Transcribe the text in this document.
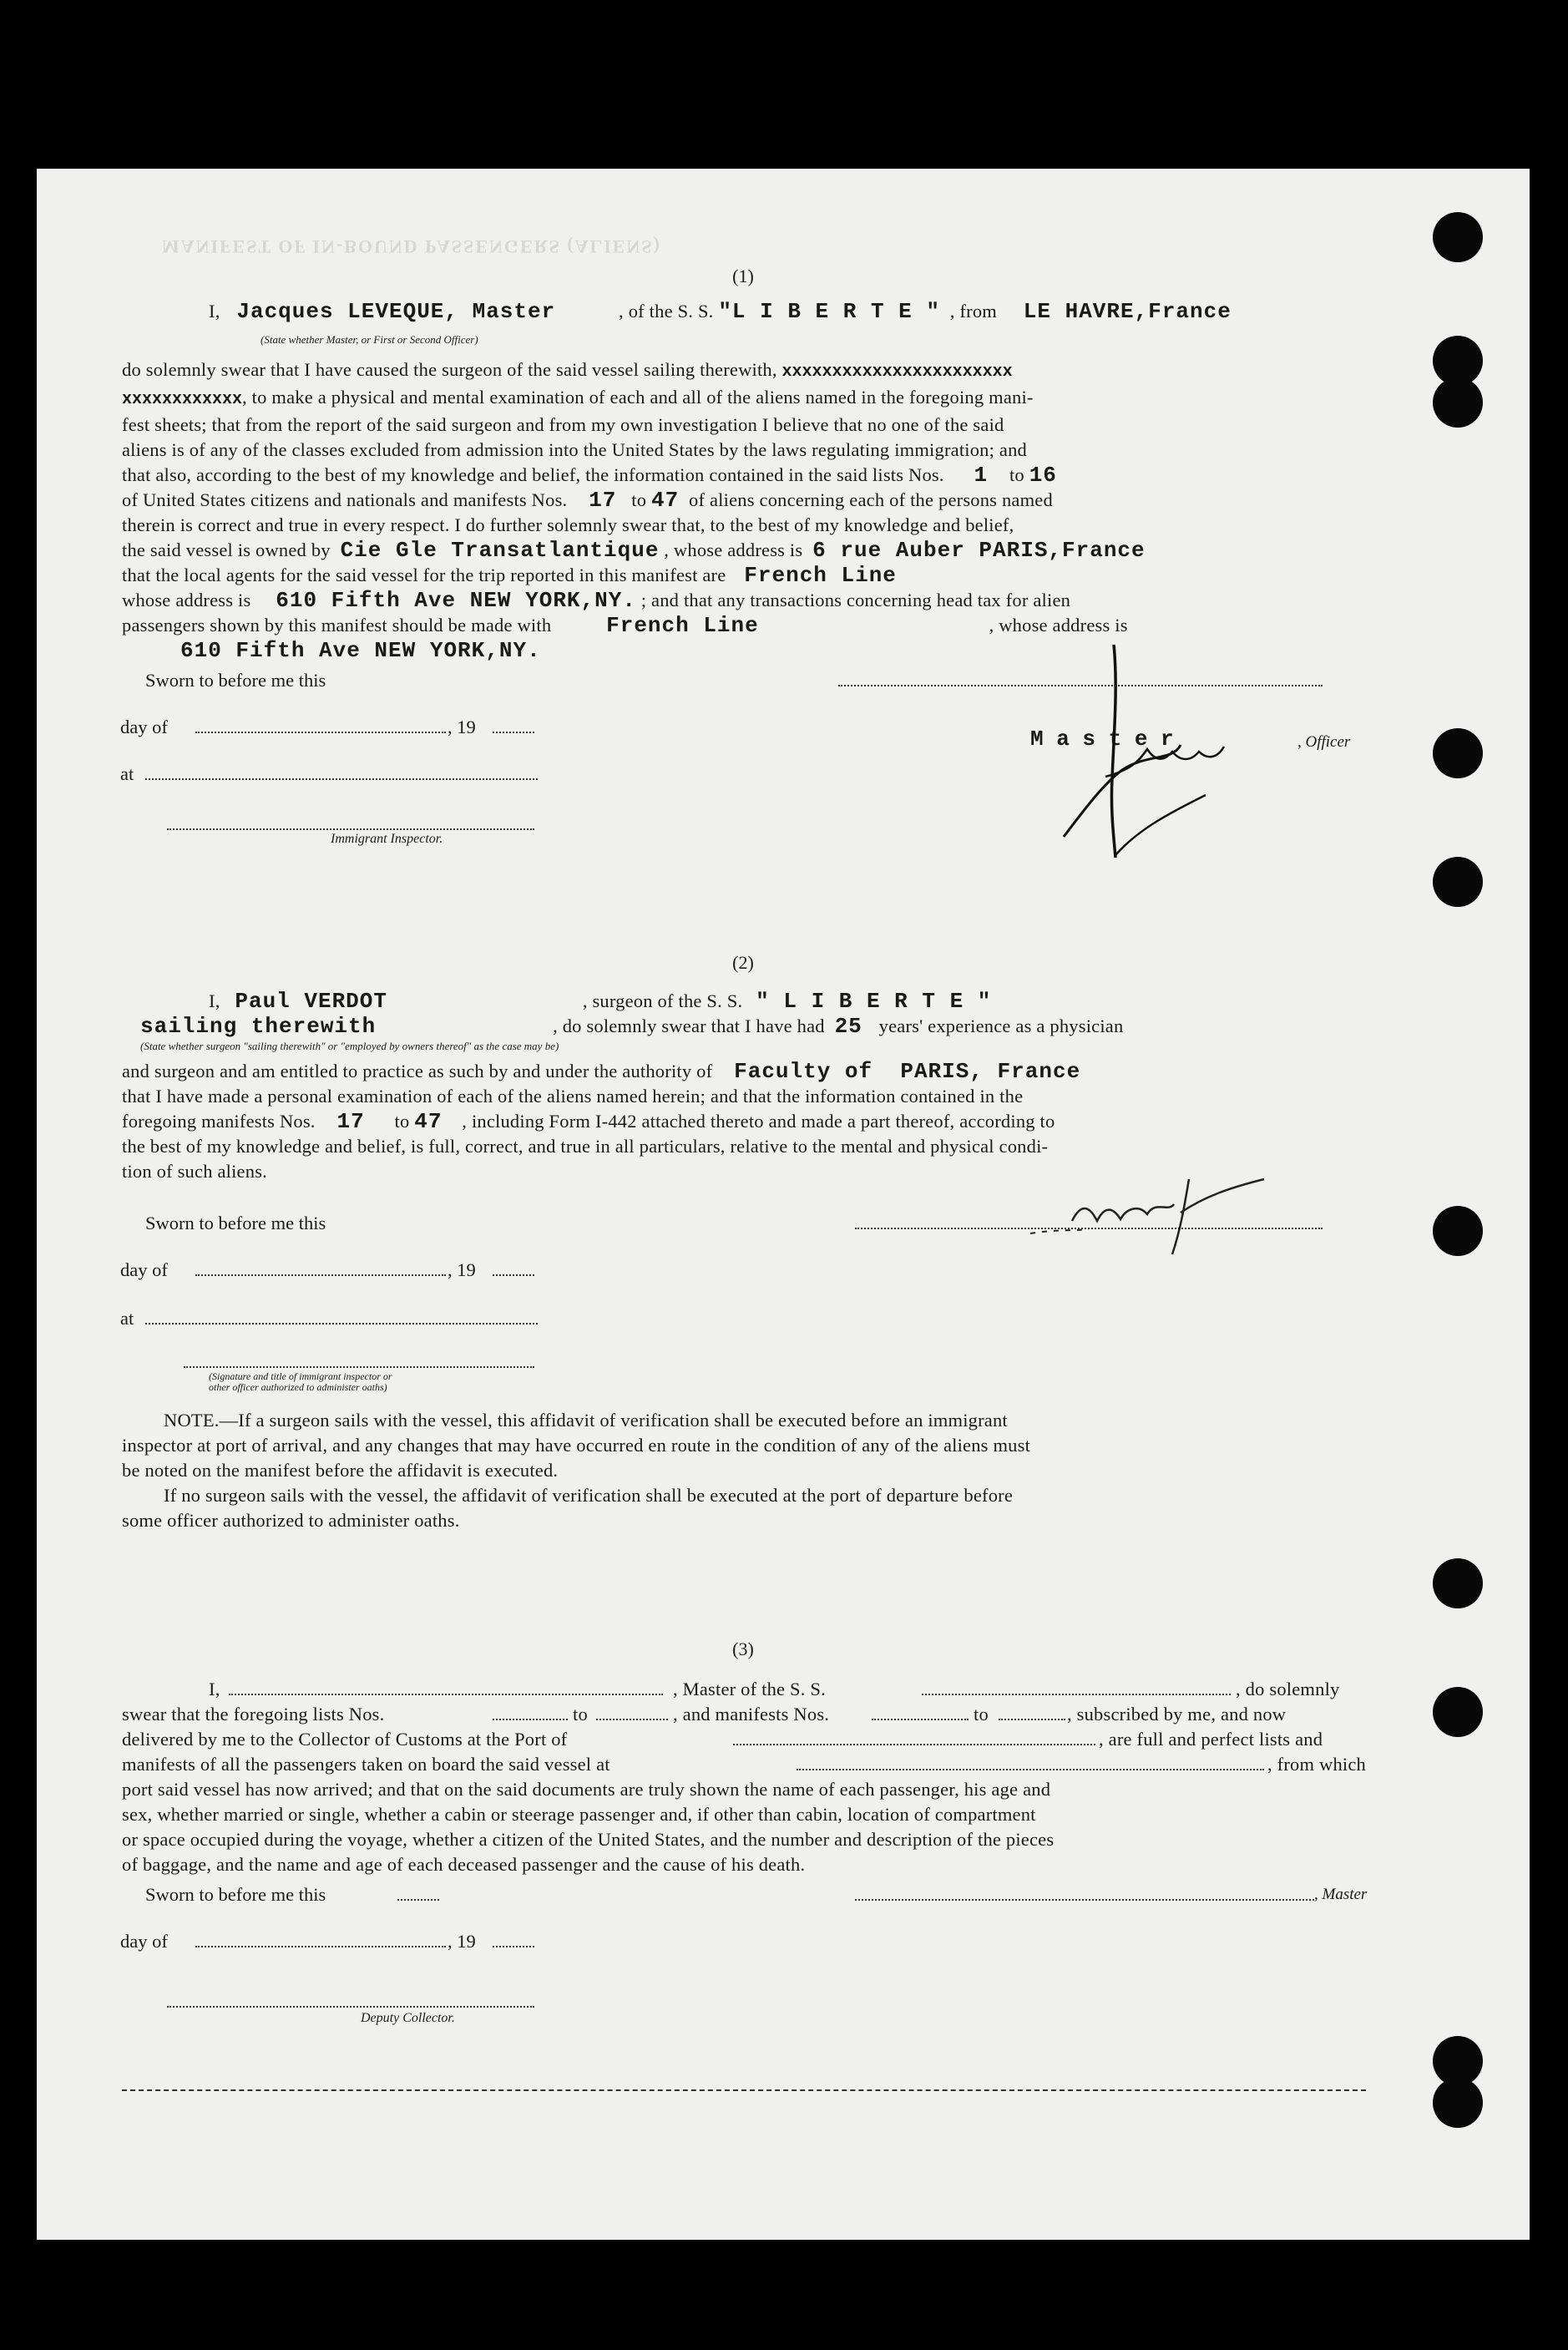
MANIFEST OF IN-BOUND PASSENGERS (ALIENS)
(1)
I, Jacques LEVEQUE, Master	, of the S. S. "L I B E R T E " , from LE HAVRE,France
(State whether Master, or First or Second Officer)
do solemnly swear that I have caused the surgeon of the said vessel sailing therewith, xxxxxxxxxxxxxxxxxxxxxxx
xxxxxxxxxxxx, to make a physical and mental examination of each and all of the aliens named in the foregoing mani-
fest sheets; that from the report of the said surgeon and from my own investigation I believe that no one of the said
aliens is of any of the classes excluded from admission into the United States by the laws regulating immigration; and
that also, according to the best of my knowledge and belief, the information contained in the said lists Nos. 1 to 16
of United States citizens and nationals and manifests Nos. 17 to 47 of aliens concerning each of the persons named
therein is correct and true in every respect. I do further solemnly swear that, to the best of my knowledge and belief,
the said vessel is owned by Cie Gle Transatlantique , whose address is 6 rue Auber PARIS,France
that the local agents for the said vessel for the trip reported in this manifest are French Line
whose address is 610 Fifth Ave NEW YORK,NY. ; and that any transactions concerning head tax for alien
passengers shown by this manifest should be made with	French Line	, whose address is
610 Fifth Ave NEW YORK,NY.
Sworn to before me this
day of	, 19	M a s t e r	, Officer
at
Immigrant Inspector.
(2)
I, Paul VERDOT	, surgeon of the S. S. " L I B E R T E "
sailing therewith	, do solemnly swear that I have had 25 years' experience as a physician
(State whether surgeon "sailing therewith" or "employed by owners thereof" as the case may be)
and surgeon and am entitled to practice as such by and under the authority of Faculty of  PARIS, France
that I have made a personal examination of each of the aliens named herein; and that the information contained in the
foregoing manifests Nos. 17 to 47 , including Form I-442 attached thereto and made a part thereof, according to
the best of my knowledge and belief, is full, correct, and true in all particulars, relative to the mental and physical condi-
tion of such aliens.
Sworn to before me this
day of	, 19
at
(Signature and title of immigrant inspector or
other officer authorized to administer oaths)
NOTE.—If a surgeon sails with the vessel, this affidavit of verification shall be executed before an immigrant
inspector at port of arrival, and any changes that may have occurred en route in the condition of any of the aliens must
be noted on the manifest before the affidavit is executed.
If no surgeon sails with the vessel, the affidavit of verification shall be executed at the port of departure before
some officer authorized to administer oaths.
(3)
I,	, Master of the S. S.	, do solemnly
swear that the foregoing lists Nos.	to	, and manifests Nos.	to	, subscribed by me, and now
delivered by me to the Collector of Customs at the Port of	, are full and perfect lists and
manifests of all the passengers taken on board the said vessel at	, from which
port said vessel has now arrived; and that on the said documents are truly shown the name of each passenger, his age and
sex, whether married or single, whether a cabin or steerage passenger and, if other than cabin, location of compartment
or space occupied during the voyage, whether a citizen of the United States, and the number and description of the pieces
of baggage, and the name and age of each deceased passenger and the cause of his death.
Sworn to before me this	, Master
day of	, 19
Deputy Collector.
